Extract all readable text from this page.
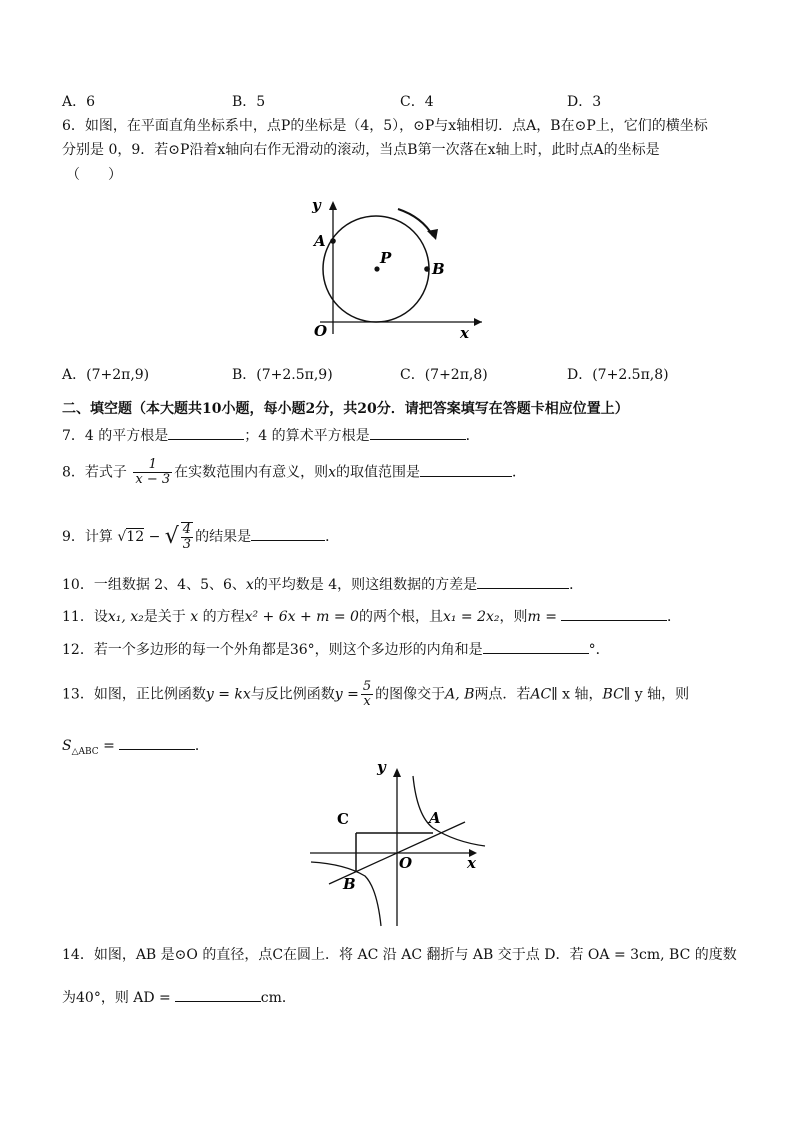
A．6	B．5	C．4	D．3
6．如图，在平面直角坐标系中，点P的坐标是（4，5），⊙P与x轴相切．点A，B在⊙P上，它们的横坐标
分别是 0，9．若⊙P沿着x轴向右作无滑动的滚动，当点B第一次落在x轴上时，此时点A的坐标是
（　　）
y
x
O
A
P
B
A．(7+2π,9)	B．(7+2.5π,9)	C．(7+2π,8)	D．(7+2.5π,8)
二、填空题（本大题共10小题，每小题2分，共20分．请把答案填写在答题卡相应位置上）
7．4 的平方根是	；4 的算术平方根是	．
8．若式子 $\frac{1}{x - 3}$ 在实数范围内有意义，则x的取值范围是	．
9．计算 √12 − √ $\frac{4}{3}$ 的结果是	．
10．一组数据 2、4、5、6、x的平均数是 4，则这组数据的方差是	．
11．设x₁, x₂是关于 x 的方程x² + 6x + m = 0的两个根，且x₁ = 2x₂，则m =	．
12．若一个多边形的每一个外角都是36°，则这个多边形的内角和是	°．
13．如图，正比例函数y = kx与反比例函数$y = \frac{5}{x}$ 的图像交于A, B两点．若AC∥ x 轴，BC∥ y 轴，则
$S_{\triangle ABC}$ =	．
y
x
O
A
B
C
14．如图，AB 是⊙O 的直径，点C在圆上．将 AC 沿 AC 翻折与 AB 交于点 D．若 OA = 3cm, BC 的度数
为40°，则 AD =	cm．
